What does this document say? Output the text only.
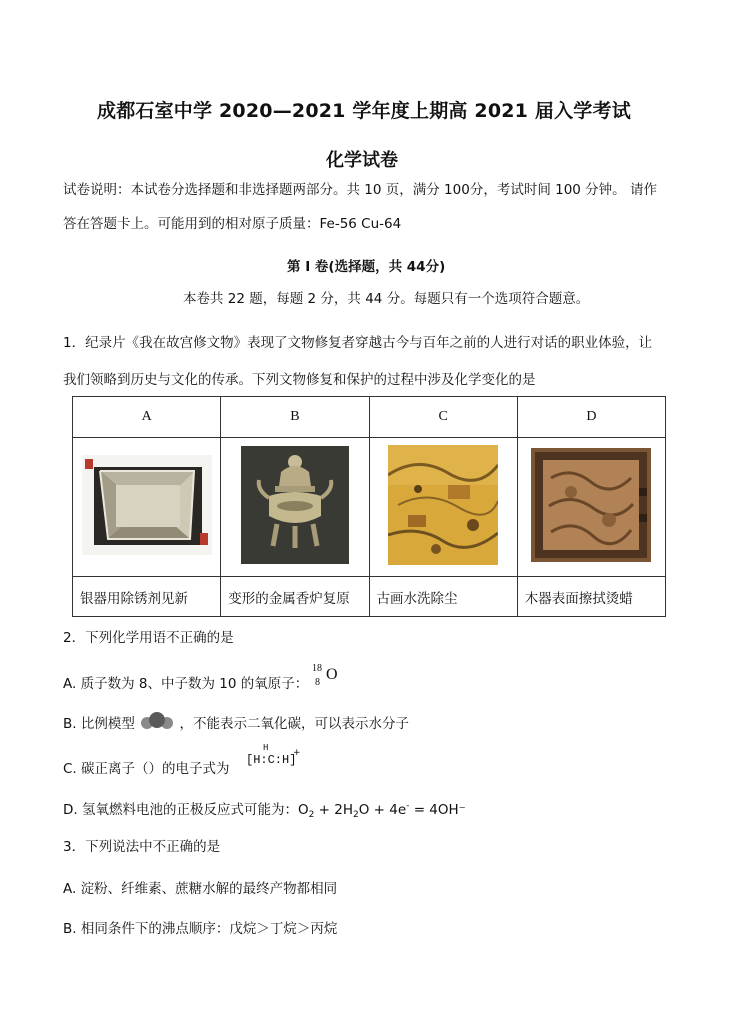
成都石室中学 2020—2021 学年度上期高 2021 届入学考试
化学试卷
试卷说明：本试卷分选择题和非选择题两部分。共 10 页，满分 100分，考试时间 100 分钟。 请作
答在答题卡上。可能用到的相对原子质量：Fe-56 Cu-64
第 I 卷(选择题，共 44分)
本卷共 22 题，每题 2 分，共 44 分。每题只有一个选项符合题意。
1．纪录片《我在故宫修文物》表现了文物修复者穿越古今与百年之前的人进行对话的职业体验，让
我们领略到历史与文化的传承。下列文物修复和保护的过程中涉及化学变化的是
A	B	C	D

银器用除锈剂见新	变形的金属香炉复原	古画水洗除尘	木器表面擦拭烫蜡
2．下列化学用语不正确的是
A. 质子数为 8、中子数为 10 的氧原子：
18
8 O
B. 比例模型	，不能表示二氧化碳，可以表示水分子
C. 碳正离子（）的电子式为
H
[H:C:H]
+
D. 氢氧燃料电池的正极反应式可能为：$O_2 + 2H_2O + 4e^- = 4OH^-$
3．下列说法中不正确的是
A. 淀粉、纤维素、蔗糖水解的最终产物都相同
B. 相同条件下的沸点顺序：戊烷＞丁烷＞丙烷
